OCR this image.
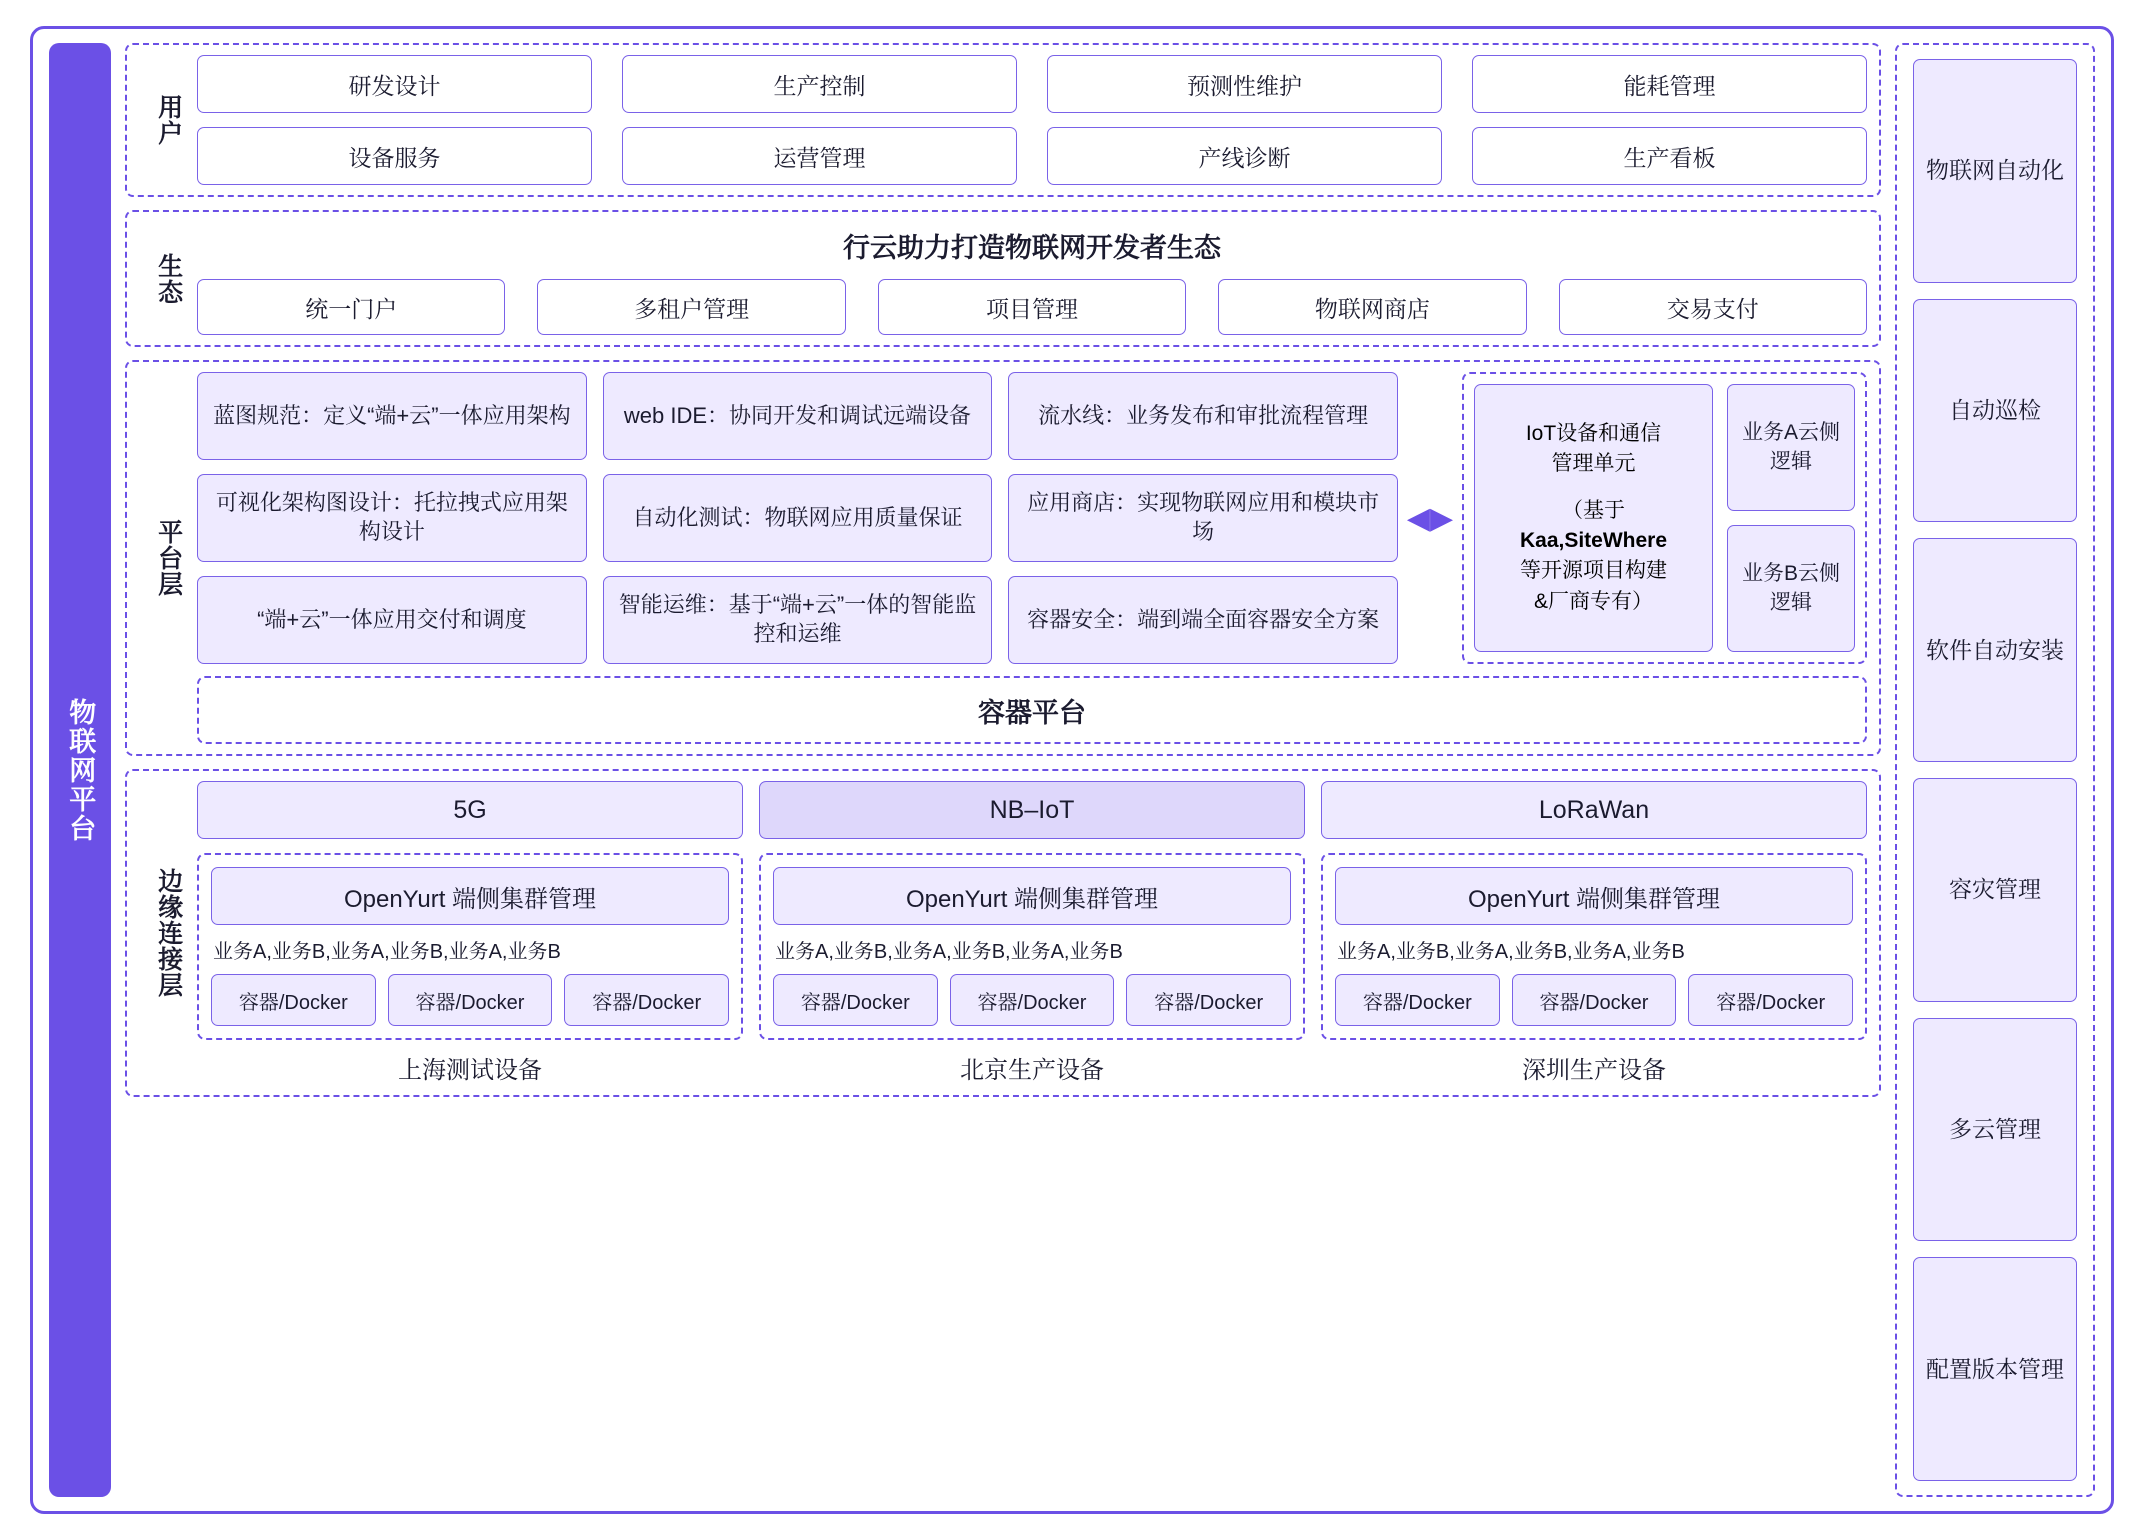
物联网平台
用户
研发设计	生产控制	预测性维护	能耗管理
设备服务	运营管理	产线诊断	生产看板
生态
行云助力打造物联网开发者生态
统一门户	多租户管理	项目管理	物联网商店	交易支付
平台层
蓝图规范：定义“端+云”一体应用架构	web IDE：协同开发和调试远端设备	流水线：业务发布和审批流程管理
可视化架构图设计：托拉拽式应用架构设计
自动化测试：物联网应用质量保证
应用商店：实现物联网应用和模块市场
“端+云”一体应用交付和调度
智能运维：基于“端+云”一体的智能监控和运维
容器安全：端到端全面容器安全方案
◀▶
IoT设备和通信
管理单元
（基于
Kaa,SiteWhere
等开源项目构建
&厂商专有）
业务A云侧逻辑
业务B云侧逻辑
容器平台
边缘连接层
5G	NB–IoT	LoRaWan
OpenYurt 端侧集群管理
业务A,业务B,业务A,业务B,业务A,业务B
容器/Docker	容器/Docker	容器/Docker
上海测试设备
OpenYurt 端侧集群管理
业务A,业务B,业务A,业务B,业务A,业务B
容器/Docker	容器/Docker	容器/Docker
北京生产设备
OpenYurt 端侧集群管理
业务A,业务B,业务A,业务B,业务A,业务B
容器/Docker	容器/Docker	容器/Docker
深圳生产设备
物联网自动化
自动巡检
软件自动安装
容灾管理
多云管理
配置版本管理
